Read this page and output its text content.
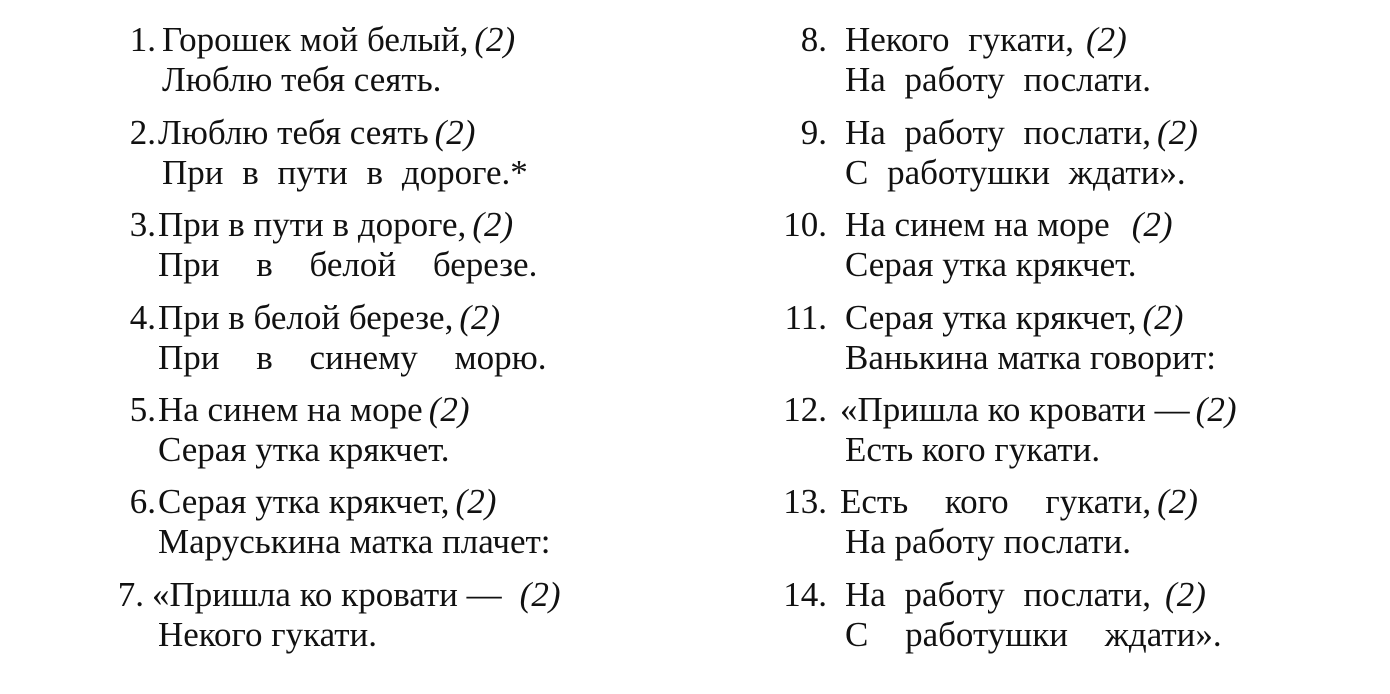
1. Горошек мой белый, (2)
Люблю тебя сеять.
2. Люблю тебя сеять (2)
При в пути в дороге.*
3. При в пути в дороге, (2)
При в белой березе.
4. При в белой березе, (2)
При в синему морю.
5. На синем на море (2)
Серая утка крякчет.
6. Серая утка крякчет, (2)
Маруськина матка плачет:
7. «Пришла ко кровати — (2)
Некого гукати.
8. Некого гукати, (2)
На работу послати.
9. На работу послати, (2)
С работушки ждати».
10. На синем на море (2)
Серая утка крякчет.
11. Серая утка крякчет, (2)
Ванькина матка говорит:
12. «Пришла ко кровати — (2)
Есть кого гукати.
13. Есть кого гукати, (2)
На работу послати.
14. На работу послати, (2)
С работушки ждати».
